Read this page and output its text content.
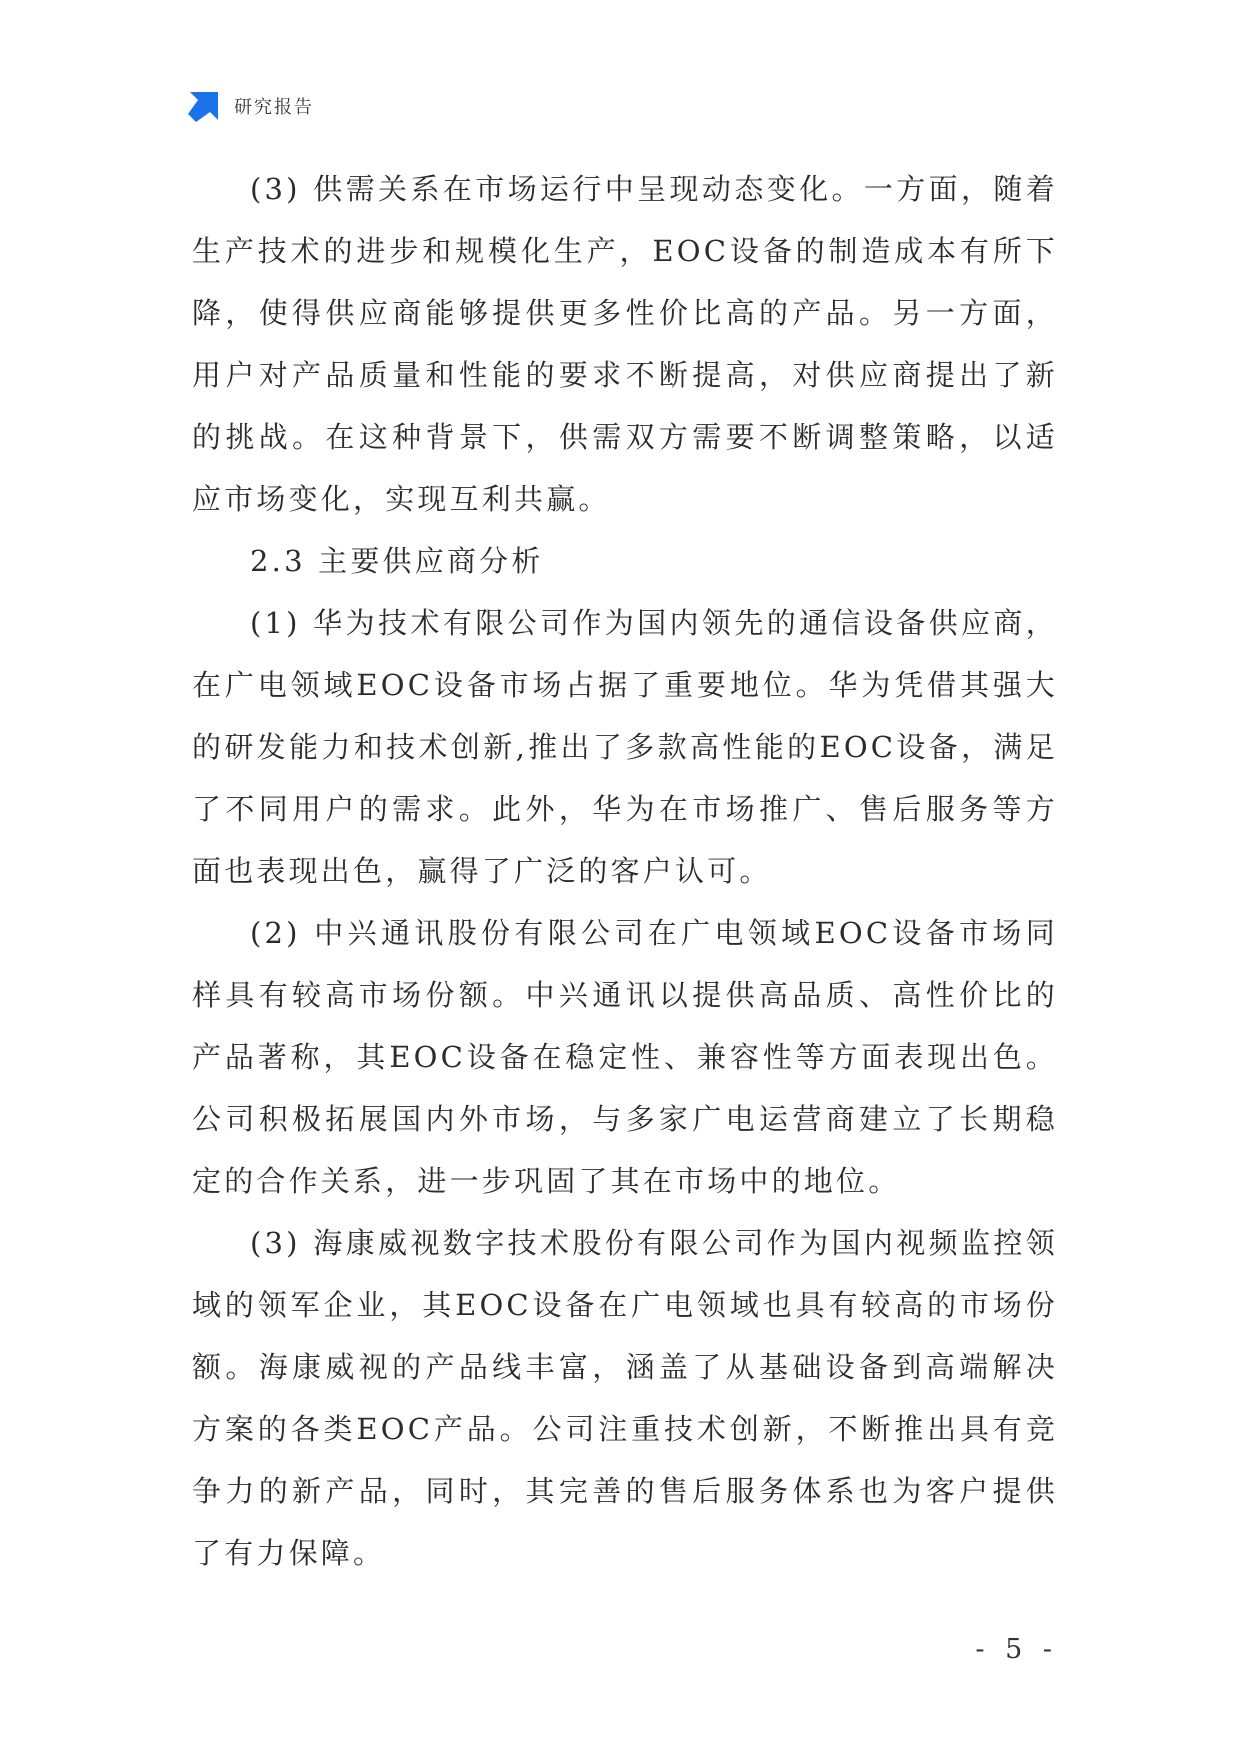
研究报告

(3) 供需关系在市场运行中呈现动态变化。一方面，随着生产技术的进步和规模化生产，EOC设备的制造成本有所下降，使得供应商能够提供更多性价比高的产品。另一方面，用户对产品质量和性能的要求不断提高，对供应商提出了新的挑战。在这种背景下，供需双方需要不断调整策略，以适应市场变化，实现互利共赢。

2.3 主要供应商分析

(1) 华为技术有限公司作为国内领先的通信设备供应商，在广电领域EOC设备市场占据了重要地位。华为凭借其强大的研发能力和技术创新,推出了多款高性能的EOC设备，满足了不同用户的需求。此外，华为在市场推广、售后服务等方面也表现出色，赢得了广泛的客户认可。

(2) 中兴通讯股份有限公司在广电领域EOC设备市场同样具有较高市场份额。中兴通讯以提供高品质、高性价比的产品著称，其EOC设备在稳定性、兼容性等方面表现出色。公司积极拓展国内外市场，与多家广电运营商建立了长期稳定的合作关系，进一步巩固了其在市场中的地位。

(3) 海康威视数字技术股份有限公司作为国内视频监控领域的领军企业，其EOC设备在广电领域也具有较高的市场份额。海康威视的产品线丰富，涵盖了从基础设备到高端解决方案的各类EOC产品。公司注重技术创新，不断推出具有竞争力的新产品，同时，其完善的售后服务体系也为客户提供了有力保障。

- 5 -
